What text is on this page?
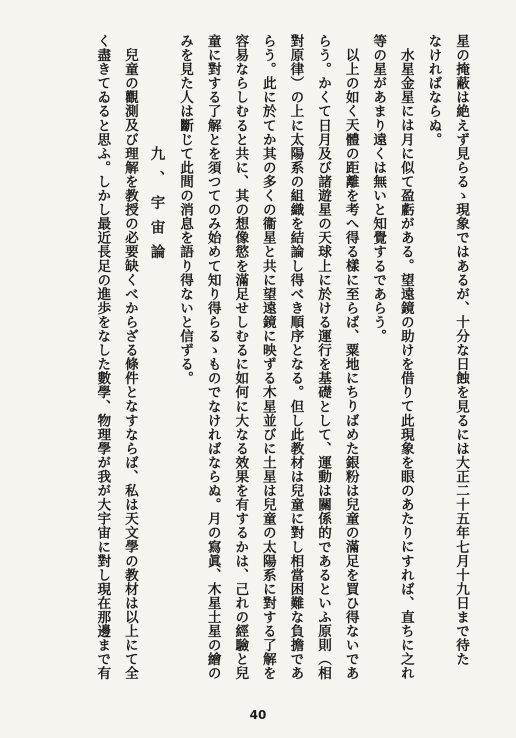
星の掩蔽は絶えず見らるゝ現象ではあるが、十分な日蝕を見るには大正二十五年七月十九日まで待た
なければならぬ。
水星金星には月に似て盈虧がある。望遠鏡の助けを借りて此現象を眼のあたりにすれば、直ちに之れ
等の星があまり遠くは無いと知覺するであらう。
以上の如く天體の距離を考へ得る樣に至らば、粟地にちりばめた銀粉は兒童の滿足を買ひ得ないであ
らう。かくて日月及び諸遊星の天球上に於ける運行を基礎として、運動は關係的であるといふ原則（相
對原律）の上に太陽系の組織を結論し得べき順序となる。但し此教材は兒童に對し相當困難な負擔であ
らう。此に於てか其の多くの衞星と共に望遠鏡に映ずる木星並びに土星は兒童の太陽系に對する了解を
容易ならしむると共に、其の想像慾を滿足せしむるに如何に大なる效果を有するかは、己れの經驗と兒
童に對する了解とを須つてのみ始めて知り得らるゝものでなければならぬ。月の寫眞、木星土星の繪の
みを見た人は斷じて此間の消息を語り得ないと信ずる。
九、宇宙論
兒童の觀測及び理解を教授の必要缺くべからざる條件となすならば、私は天文學の教材は以上にて全
く盡きてゐると思ふ。しかし最近長足の進歩をなした數學、物理學が我が大宇宙に對し現在那邊まで有
40
